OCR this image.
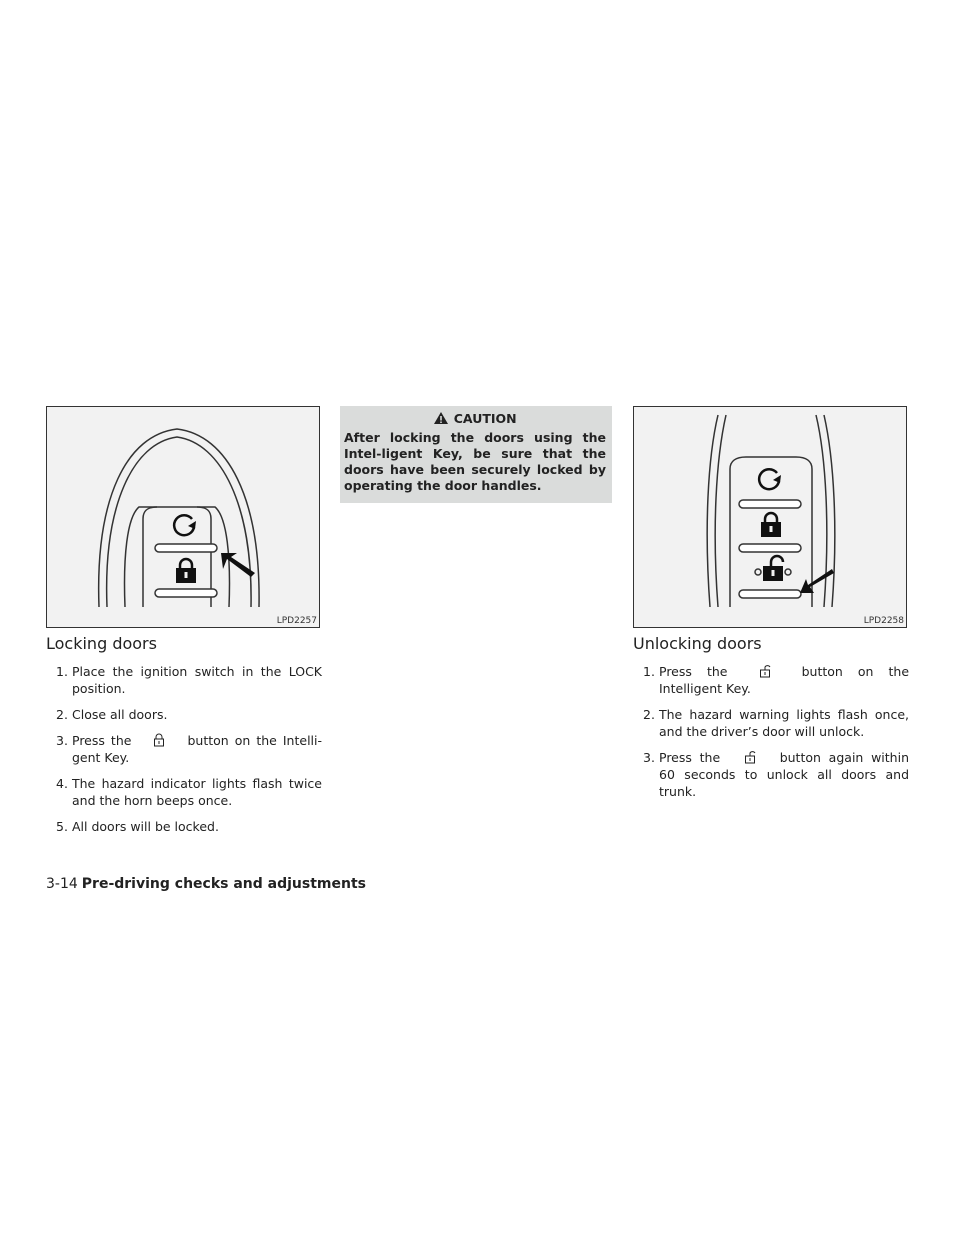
LPD2257
Locking doors
1. Place the ignition switch in the LOCK position.
2. Close all doors.
3. Press the	button on the Intelli-gent Key.
4. The hazard indicator lights flash twice and the horn beeps once.
5. All doors will be locked.
CAUTION
After locking the doors using the Intel-ligent Key, be sure that the doors have been securely locked by operating the door handles.
LPD2258
Unlocking doors
1. Press the	button on the Intelligent Key.
2. The hazard warning lights flash once, and the driver’s door will unlock.
3. Press the	button again within 60 seconds to unlock all doors and trunk.
3-14 Pre-driving checks and adjustments
